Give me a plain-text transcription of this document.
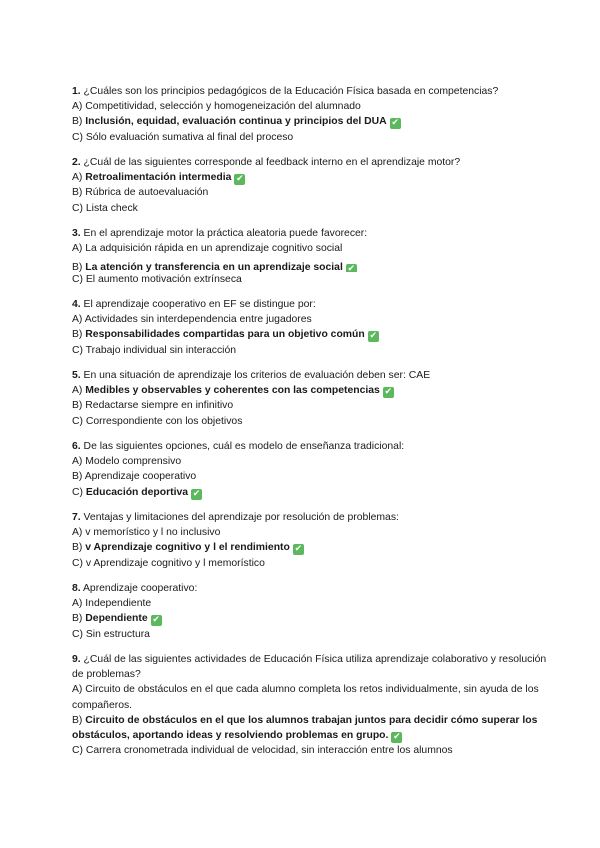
1. ¿Cuáles son los principios pedagógicos de la Educación Física basada en competencias?
A) Competitividad, selección y homogeneización del alumnado
B) Inclusión, equidad, evaluación continua y principios del DUA ✔
C) Sólo evaluación sumativa al final del proceso
2. ¿Cuál de las siguientes corresponde al feedback interno en el aprendizaje motor?
A) Retroalimentación intermedia ✔
B) Rúbrica de autoevaluación
C) Lista check
3. En el aprendizaje motor la práctica aleatoria puede favorecer:
A) La adquisición rápida en un aprendizaje cognitivo social
B) La atención y transferencia en un aprendizaje social ✔
C) El aumento motivación extrínseca
4. El aprendizaje cooperativo en EF se distingue por:
A) Actividades sin interdependencia entre jugadores
B) Responsabilidades compartidas para un objetivo común ✔
C) Trabajo individual sin interacción
5. En una situación de aprendizaje los criterios de evaluación deben ser: CAE
A) Medibles y observables y coherentes con las competencias ✔
B) Redactarse siempre en infinitivo
C) Correspondiente con los objetivos
6. De las siguientes opciones, cuál es modelo de enseñanza tradicional:
A) Modelo comprensivo
B) Aprendizaje cooperativo
C) Educación deportiva ✔
7. Ventajas y limitaciones del aprendizaje por resolución de problemas:
A) v memorístico y l no inclusivo
B) v Aprendizaje cognitivo y l el rendimiento ✔
C) v Aprendizaje cognitivo y l memorístico
8. Aprendizaje cooperativo:
A) Independiente
B) Dependiente ✔
C) Sin estructura
9. ¿Cuál de las siguientes actividades de Educación Física utiliza aprendizaje colaborativo y resolución de problemas?
A) Circuito de obstáculos en el que cada alumno completa los retos individualmente, sin ayuda de los compañeros.
B) Circuito de obstáculos en el que los alumnos trabajan juntos para decidir cómo superar los obstáculos, aportando ideas y resolviendo problemas en grupo. ✔
C) Carrera cronometrada individual de velocidad, sin interacción entre los alumnos
